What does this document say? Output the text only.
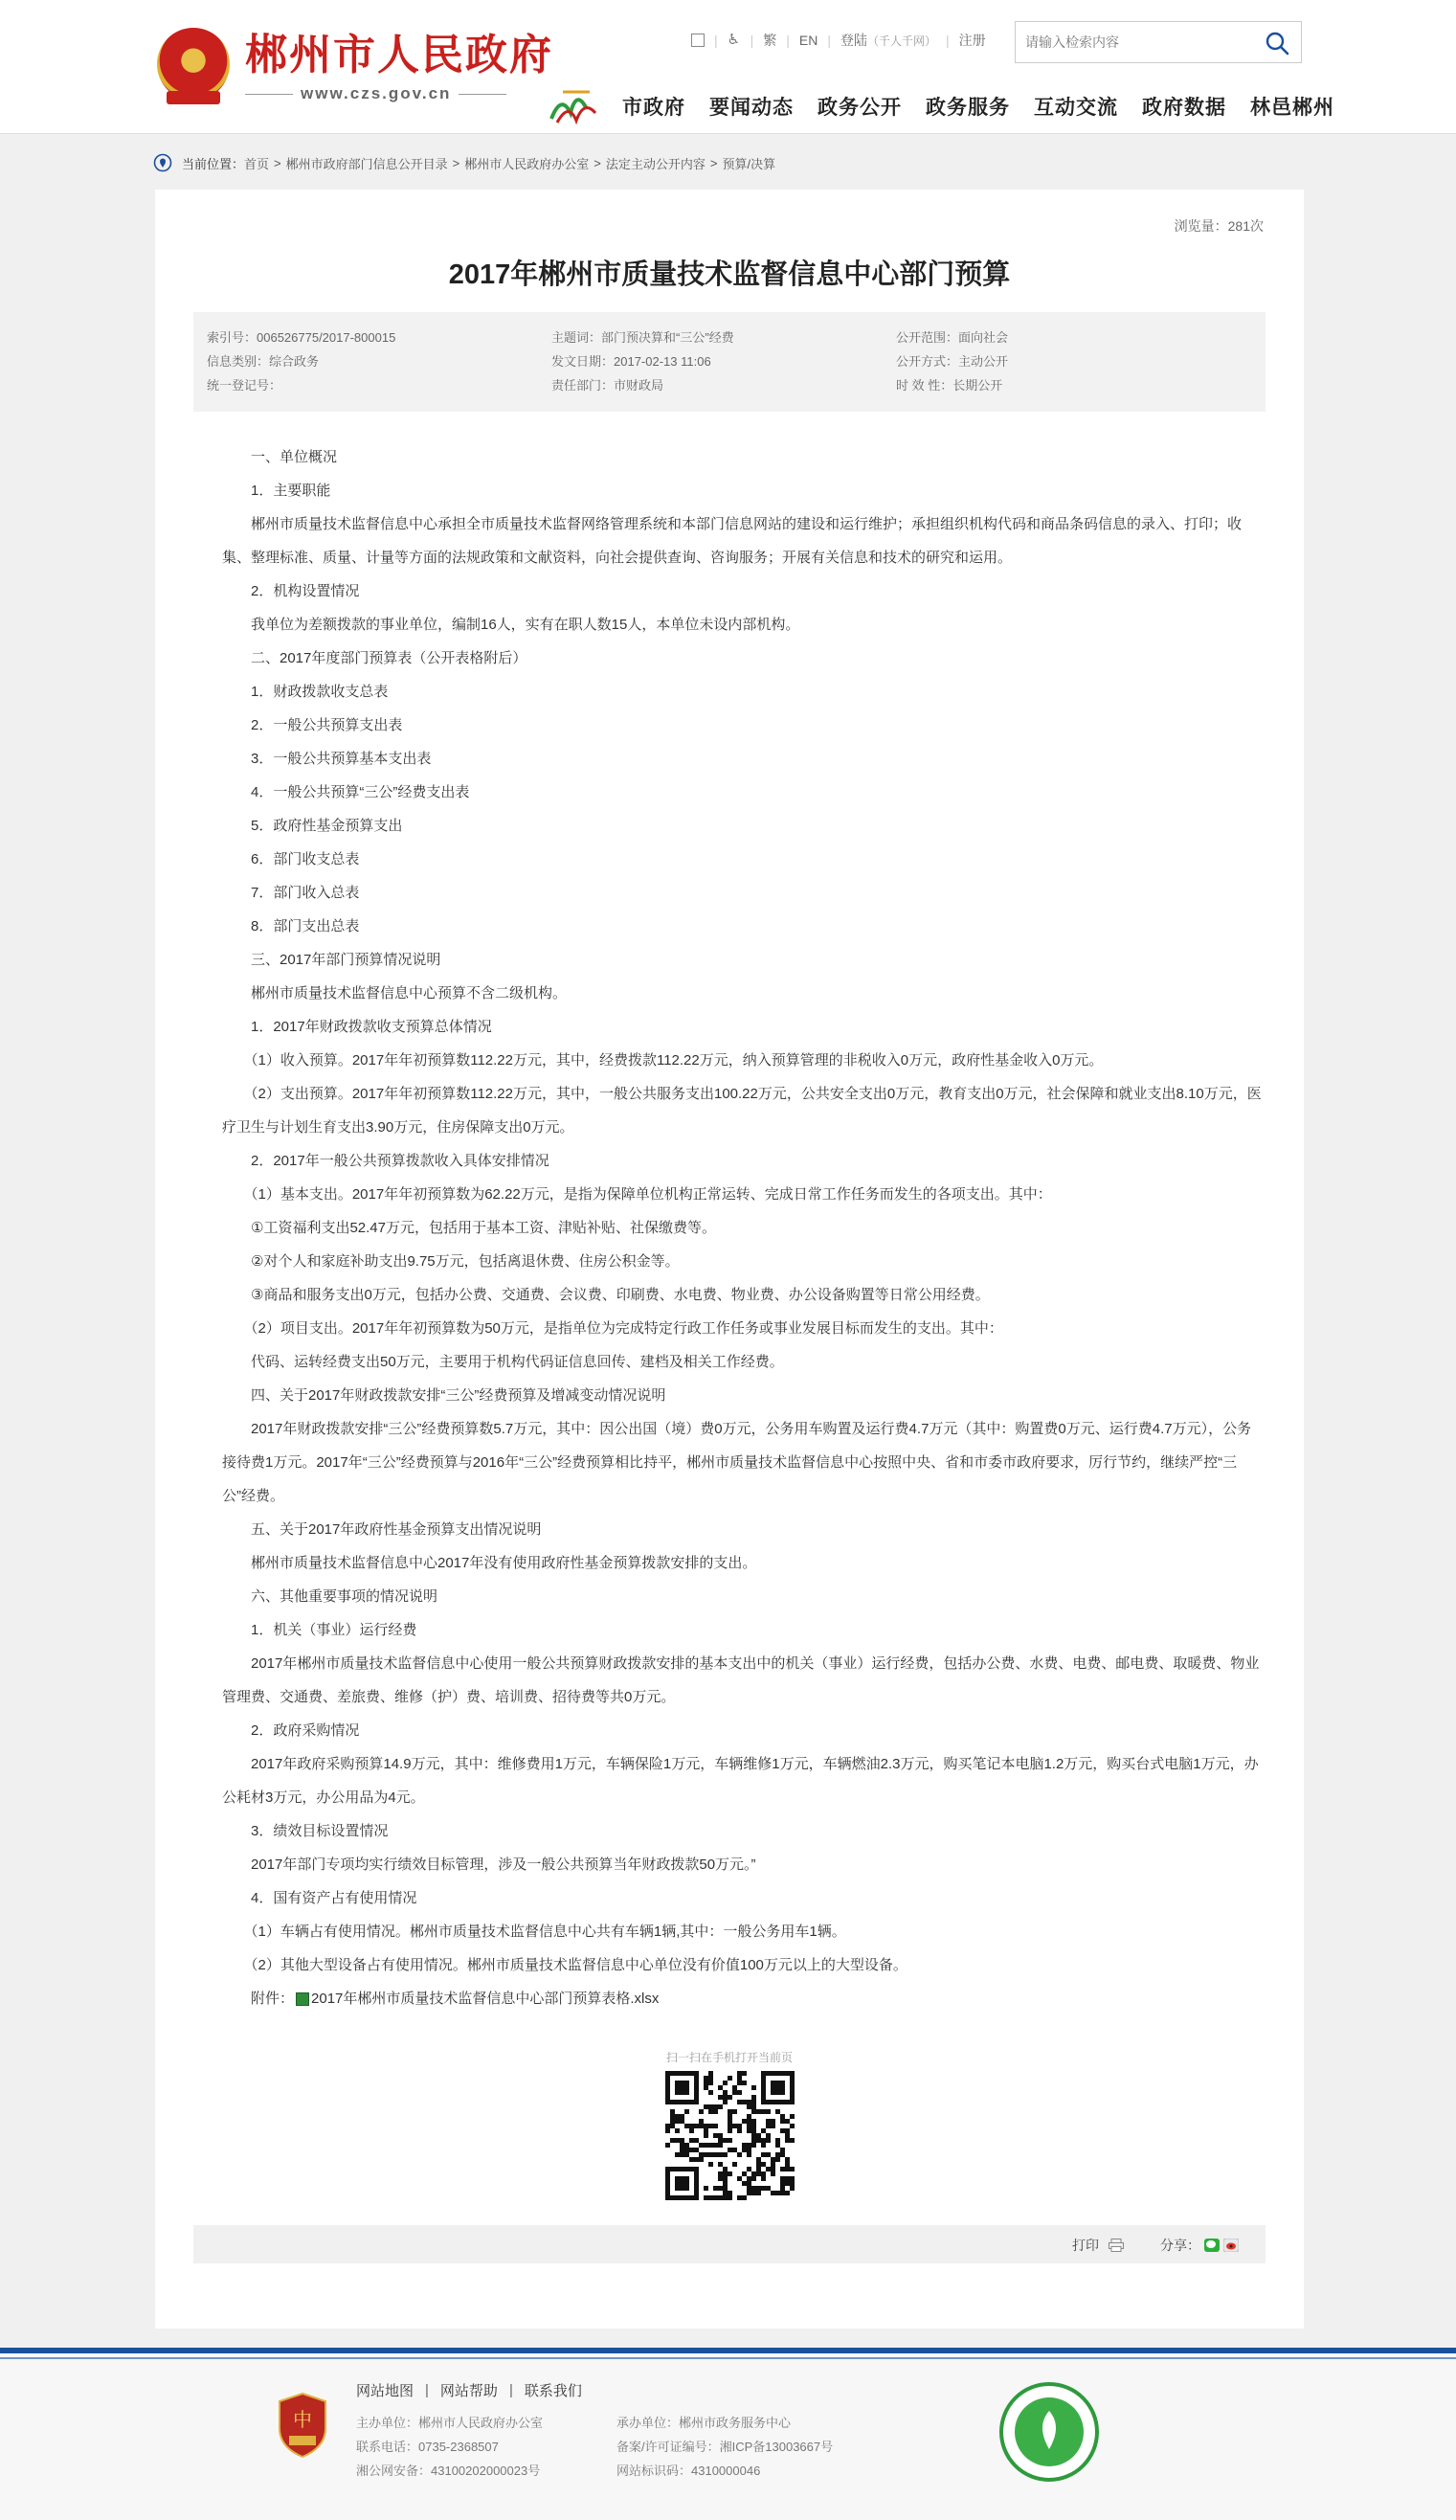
郴州市人民政府
www.czs.gov.cn
| ♿ | 繁 | EN | 登陆 （千人千网） | 注册
请输入检索内容
市政府 要闻动态 政务公开 政务服务 互动交流 政府数据 林邑郴州
当前位置： 首页 > 郴州市政府部门信息公开目录 > 郴州市人民政府办公室 > 法定主动公开内容 > 预算/决算
浏览量：281次
2017年郴州市质量技术监督信息中心部门预算
索引号：006526775/2017-800015	主题词：部门预决算和“三公”经费	公开范围：面向社会
信息类别：综合政务	发文日期：2017-02-13 11:06	公开方式：主动公开
统一登记号：	责任部门：市财政局	时 效 性：长期公开

　　一、单位概况

　　1．主要职能

　　郴州市质量技术监督信息中心承担全市质量技术监督网络管理系统和本部门信息网站的建设和运行维护；承担组织机构代码和商品条码信息的录入、打印；收集、整理标准、质量、计量等方面的法规政策和文献资料，向社会提供查询、咨询服务；开展有关信息和技术的研究和运用。

　　2．机构设置情况

　　我单位为差额拨款的事业单位，编制16人，实有在职人数15人，本单位未设内部机构。

　　二、2017年度部门预算表（公开表格附后）

　　1．财政拨款收支总表

　　2．一般公共预算支出表

　　3．一般公共预算基本支出表

　　4．一般公共预算“三公”经费支出表

　　5．政府性基金预算支出

　　6．部门收支总表

　　7．部门收入总表

　　8．部门支出总表

　　三、2017年部门预算情况说明

　　郴州市质量技术监督信息中心预算不含二级机构。

　　1．2017年财政拨款收支预算总体情况

　　（1）收入预算。2017年年初预算数112.22万元，其中，经费拨款112.22万元，纳入预算管理的非税收入0万元，政府性基金收入0万元。

　　（2）支出预算。2017年年初预算数112.22万元，其中，一般公共服务支出100.22万元，公共安全支出0万元，教育支出0万元，社会保障和就业支出8.10万元，医疗卫生与计划生育支出3.90万元，住房保障支出0万元。

　　2．2017年一般公共预算拨款收入具体安排情况

　　（1）基本支出。2017年年初预算数为62.22万元，是指为保障单位机构正常运转、完成日常工作任务而发生的各项支出。其中：

　　①工资福利支出52.47万元，包括用于基本工资、津贴补贴、社保缴费等。

　　②对个人和家庭补助支出9.75万元，包括离退休费、住房公积金等。

　　③商品和服务支出0万元，包括办公费、交通费、会议费、印刷费、水电费、物业费、办公设备购置等日常公用经费。

　　（2）项目支出。2017年年初预算数为50万元，是指单位为完成特定行政工作任务或事业发展目标而发生的支出。其中：

　　代码、运转经费支出50万元，主要用于机构代码证信息回传、建档及相关工作经费。

　　四、关于2017年财政拨款安排“三公”经费预算及增减变动情况说明

　　2017年财政拨款安排“三公”经费预算数5.7万元，其中：因公出国（境）费0万元，公务用车购置及运行费4.7万元（其中：购置费0万元、运行费4.7万元），公务接待费1万元。2017年“三公”经费预算与2016年“三公”经费预算相比持平，郴州市质量技术监督信息中心按照中央、省和市委市政府要求，厉行节约，继续严控“三公”经费。

　　五、关于2017年政府性基金预算支出情况说明

　　郴州市质量技术监督信息中心2017年没有使用政府性基金预算拨款安排的支出。

　　六、其他重要事项的情况说明

　　1．机关（事业）运行经费

　　2017年郴州市质量技术监督信息中心使用一般公共预算财政拨款安排的基本支出中的机关（事业）运行经费，包括办公费、水费、电费、邮电费、取暖费、物业管理费、交通费、差旅费、维修（护）费、培训费、招待费等共0万元。

　　2．政府采购情况

　　2017年政府采购预算14.9万元，其中：维修费用1万元，车辆保险1万元，车辆维修1万元，车辆燃油2.3万元，购买笔记本电脑1.2万元，购买台式电脑1万元，办公耗材3万元，办公用品为4元。

　　3．绩效目标设置情况

　　2017年部门专项均实行绩效目标管理，涉及一般公共预算当年财政拨款50万元。”

　　4．国有资产占有使用情况

　　（1）车辆占有使用情况。郴州市质量技术监督信息中心共有车辆1辆,其中：一般公务用车1辆。

　　（2）其他大型设备占有使用情况。郴州市质量技术监督信息中心单位没有价值100万元以上的大型设备。

　　附件： 2017年郴州市质量技术监督信息中心部门预算表格.xlsx

扫一扫在手机打开当前页
打印	分享：
中
网站地图 | 网站帮助 | 联系我们
主办单位：郴州市人民政府办公室	承办单位：郴州市政务服务中心
联系电话：0735-2368507	备案/许可证编号：湘ICP备13003667号
湘公网安备：43100202000023号	网站标识码：4310000046
